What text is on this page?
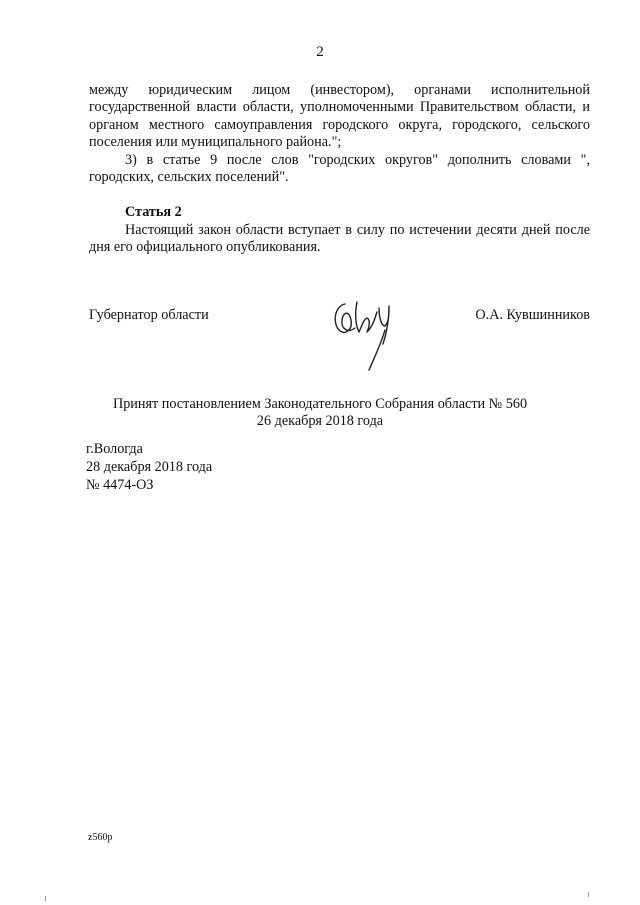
2

между юридическим лицом (инвестором), органами исполнительной государственной власти области, уполномоченными Правительством области, и органом местного самоуправления городского округа, городского, сельского поселения или муниципального района.";

3) в статье 9 после слов "городских округов" дополнить словами ", городских, сельских поселений".

Статья 2

Настоящий закон области вступает в силу по истечении десяти дней после дня его официального опубликования.

Губернатор области	О.А. Кувшинников
Принят постановлением Законодательного Собрания области № 560
26 декабря 2018 года
г.Вологда
28 декабря 2018 года
№ 4474-ОЗ
z560p
